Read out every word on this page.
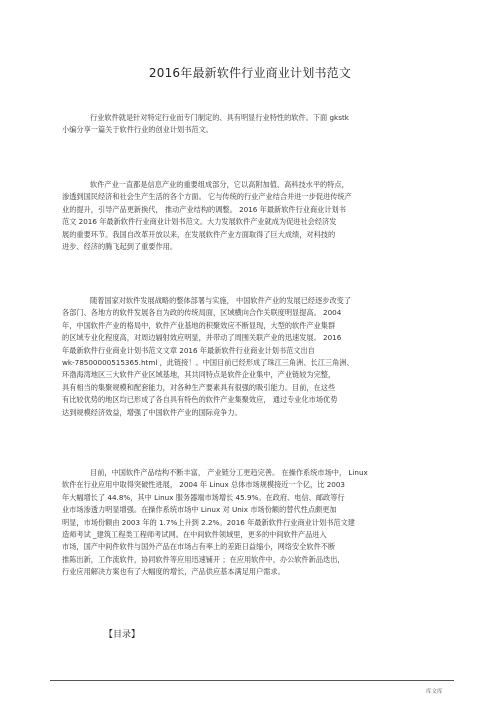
2016年最新软件行业商业计划书范文
行业软件就是针对特定行业而专门制定的、具有明显行业特性的软件。下面 gkstk
小编分享一篇关于软件行业的创业计划书范文。
软件产业一直都是信息产业的重要组成部分，它以高附加值、高科技水平的特点，
渗透到国民经济和社会生产生活的各个方面。 它与传统的行业产业结合并进一步促进传统产
业的提升，引导产品更新换代， 推动产业结构的调整。 2016 年最新软件行业商业计划书
范文 2016 年最新软件行业商业计划书范文。大力发展软件产业就成为促进社会经济发
展的重要环节。我国自改革开放以来，在发展软件产业方面取得了巨大成绩，对科技的
进步、经济的腾飞起到了重要作用。
随着国家对软件发展战略的整体部署与实施， 中国软件产业的发展已经逐步改变了
各部门、各地方的软件发展各自为政的传统局面，区域横向合作关联度明显提高。 2004
年，中国软件产业的格局中，软件产业基地的积聚效应不断显现，大型的软件产业集群
的区域专业化程度高，对周边辐射效应明显，并带动了周围关联产业的迅速发展。 2016
年最新软件行业商业计划书范文文章 2016 年最新软件行业商业计划书范文出自
wk-78500000515365.html ，此链接！。中国目前已经形成了珠江三角洲、长江三角洲、
环渤海湾地区三大软件产业区域基地，其共同特点是软件企业集中，产业链较为完整，
具有相当的集聚规模和配套能力，对各种生产要素具有很强的吸引能力。目前，在这些
有比较优势的地区均已形成了各自具有特色的软件产业集聚效应， 通过专业化市场优势
达到规模经济效益，增强了中国软件产业的国际竞争力。
目前，中国软件产品结构不断丰富， 产业链分工更趋完善。 在操作系统市场中， Linux
软件在行业应用中取得突破性进展， 2004 年 Linux 总体市场规模接近一个亿，比 2003
年大幅增长了 44.8%，其中 Linux 服务器端市场增长 45.9%。在政府、电信、邮政等行
业市场渗透力明显增强。在操作系统市场中 Linux 对 Unix 市场份额的替代性点颇更加
明显，市场份额由 2003 年的 1.7%上升到 2.2%。2016 年最新软件行业商业计划书范文建
造师考试 _建筑工程类工程师考试网。在中间软件领域里，更多的中间软件产品进入
市场，国产中间件软件与国外产品在市场占有率上的差距日益缩小，网络安全软件不断
推陈出新，工作流软件，协同软件等应用迅速铺开 ；在应用软件中，办公软件新品迭出，
行业应用解决方案也有了大幅度的增长，产品供应基本满足用户需求。
【目录】
库文库
